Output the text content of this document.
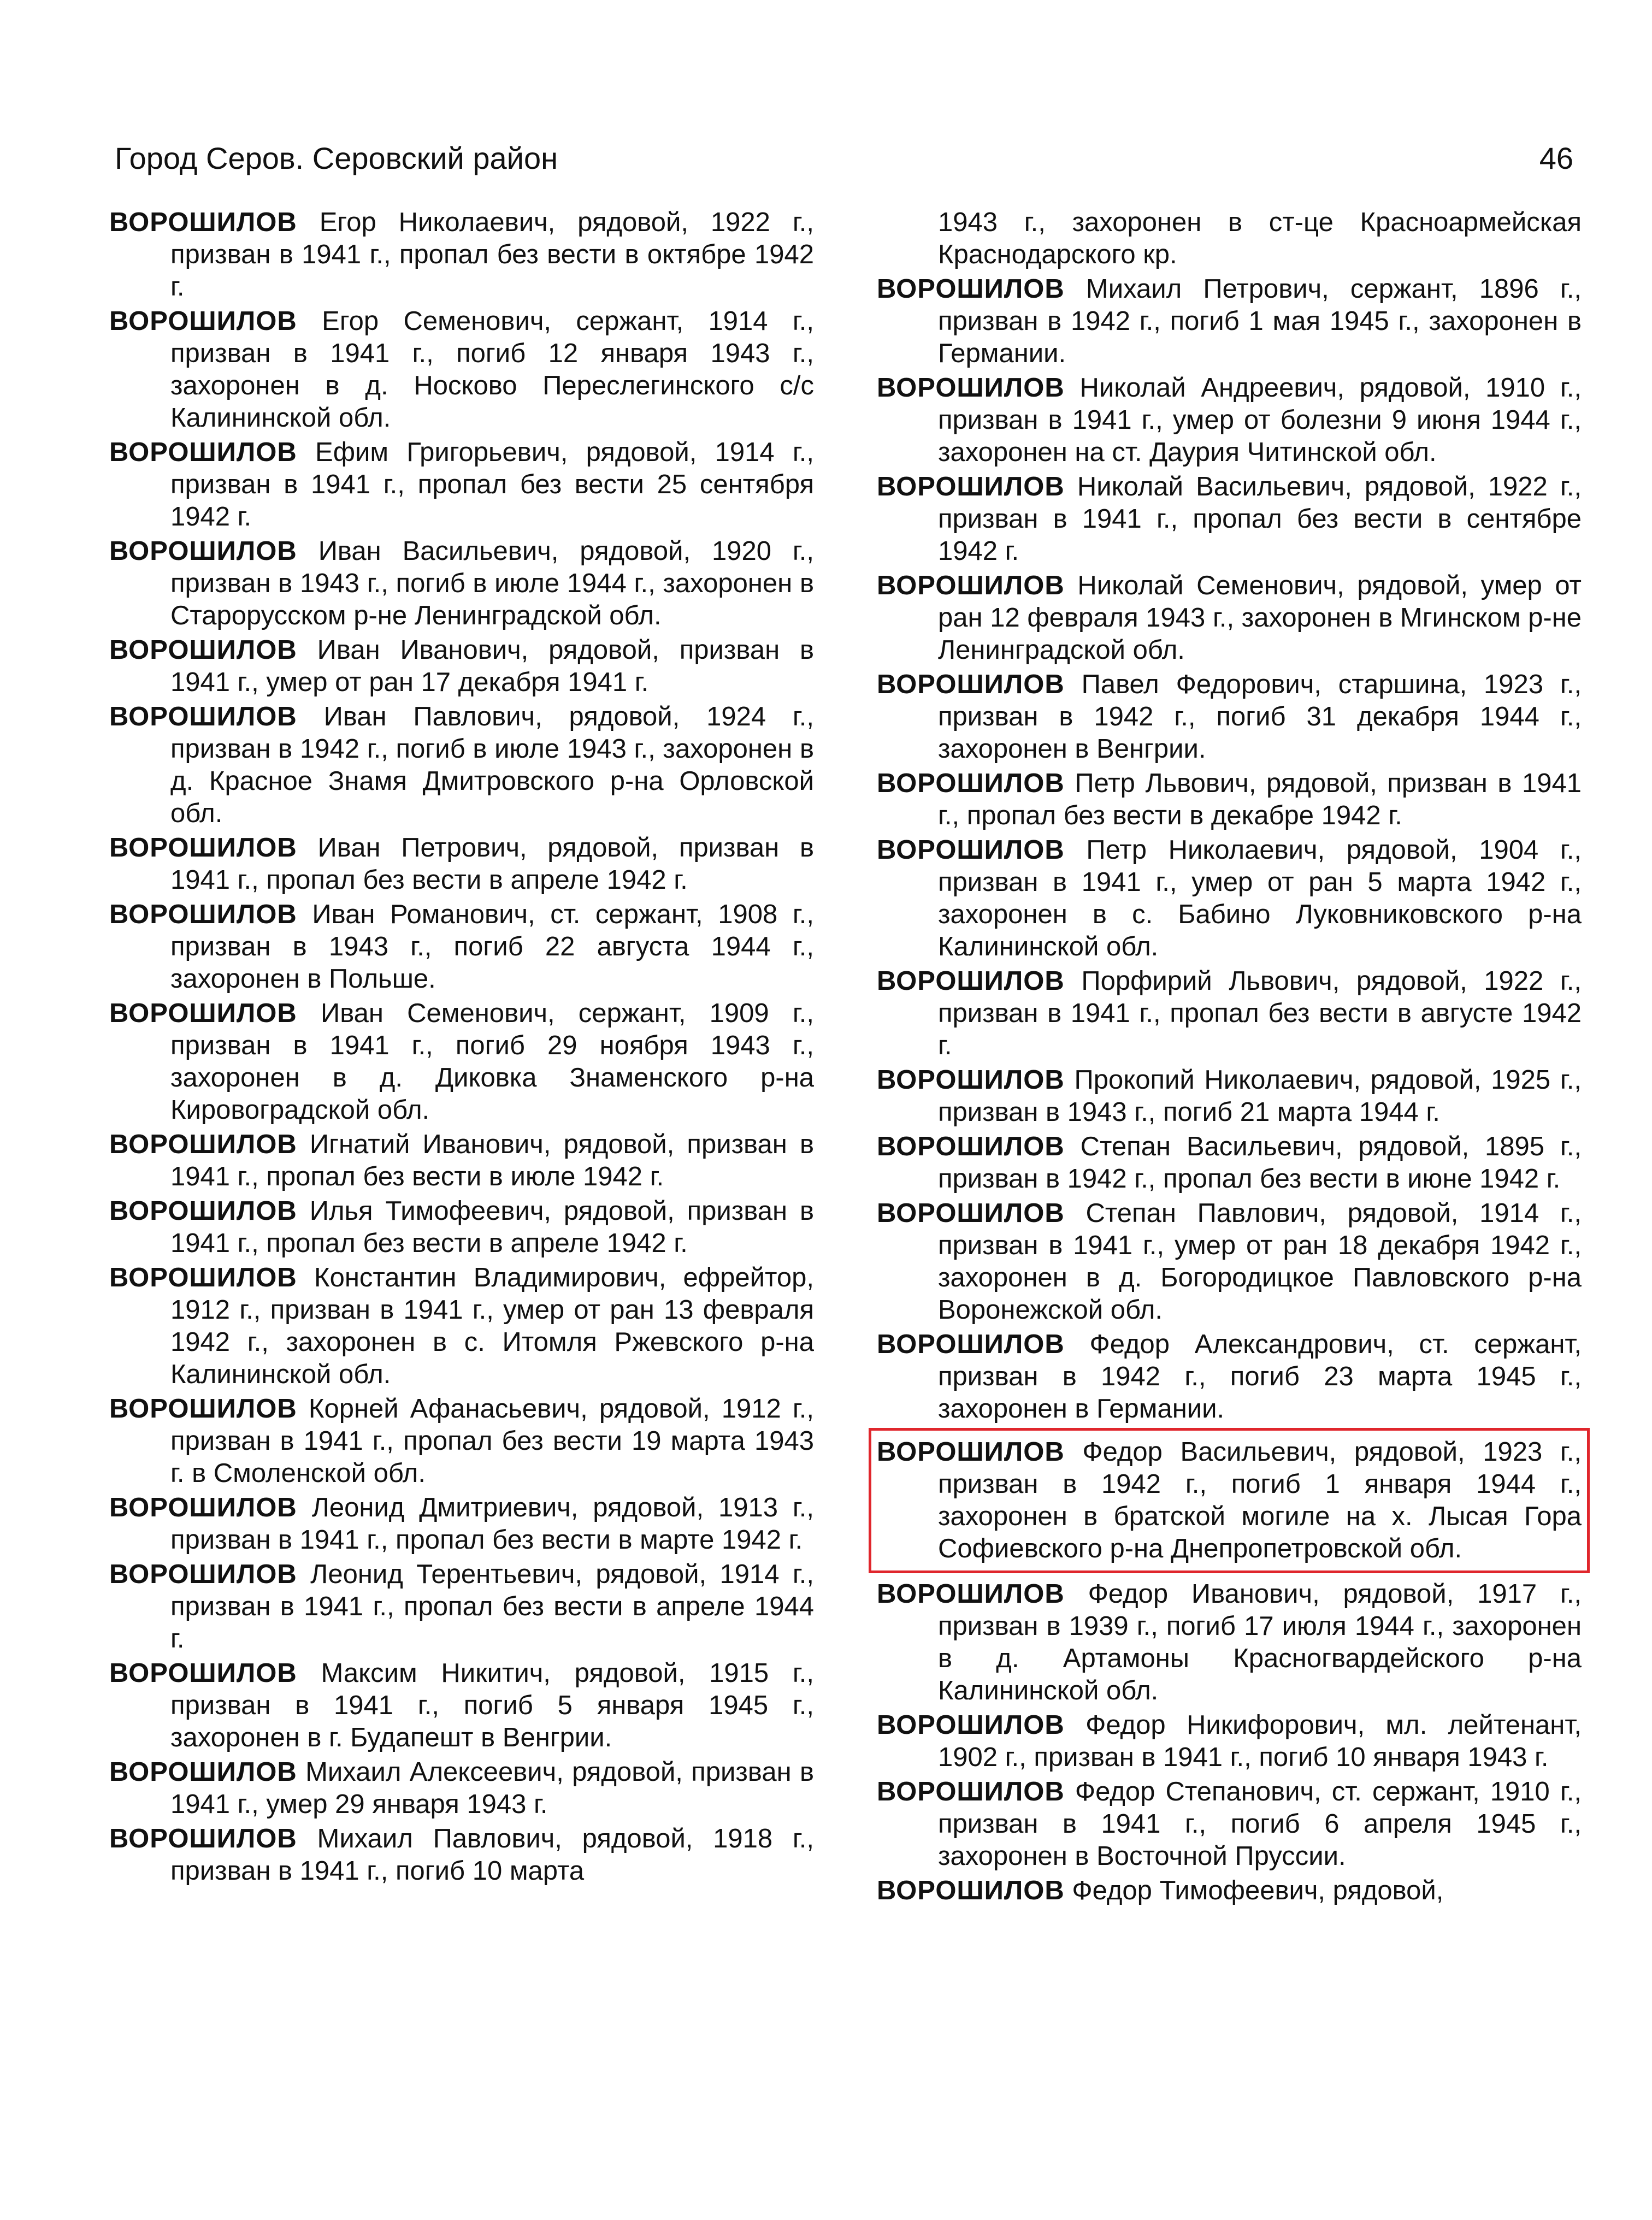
Город Серов. Серовский район	46
ВОРОШИЛОВ Егор Николаевич, рядовой, 1922 г., призван в 1941 г., пропал без вести в октябре 1942 г.
ВОРОШИЛОВ Егор Семенович, сержант, 1914 г., призван в 1941 г., погиб 12 января 1943 г., захоронен в д. Носково Переслегинского с/с Калининской обл.
ВОРОШИЛОВ Ефим Григорьевич, рядовой, 1914 г., призван в 1941 г., пропал без вести 25 сентября 1942 г.
ВОРОШИЛОВ Иван Васильевич, рядовой, 1920 г., призван в 1943 г., погиб в июле 1944 г., захоронен в Старорусском р-не Ленинградской обл.
ВОРОШИЛОВ Иван Иванович, рядовой, призван в 1941 г., умер от ран 17 декабря 1941 г.
ВОРОШИЛОВ Иван Павлович, рядовой, 1924 г., призван в 1942 г., погиб в июле 1943 г., захоронен в д. Красное Знамя Дмитровского р-на Орловской обл.
ВОРОШИЛОВ Иван Петрович, рядовой, призван в 1941 г., пропал без вести в апреле 1942 г.
ВОРОШИЛОВ Иван Романович, ст. сержант, 1908 г., призван в 1943 г., погиб 22 августа 1944 г., захоронен в Польше.
ВОРОШИЛОВ Иван Семенович, сержант, 1909 г., призван в 1941 г., погиб 29 ноября 1943 г., захоронен в д. Диковка Знаменского р-на Кировоградской обл.
ВОРОШИЛОВ Игнатий Иванович, рядовой, призван в 1941 г., пропал без вести в июле 1942 г.
ВОРОШИЛОВ Илья Тимофеевич, рядовой, призван в 1941 г., пропал без вести в апреле 1942 г.
ВОРОШИЛОВ Константин Владимирович, ефрейтор, 1912 г., призван в 1941 г., умер от ран 13 февраля 1942 г., захоронен в с. Итомля Ржевского р-на Калининской обл.
ВОРОШИЛОВ Корней Афанасьевич, рядовой, 1912 г., призван в 1941 г., пропал без вести 19 марта 1943 г. в Смоленской обл.
ВОРОШИЛОВ Леонид Дмитриевич, рядовой, 1913 г., призван в 1941 г., пропал без вести в марте 1942 г.
ВОРОШИЛОВ Леонид Терентьевич, рядовой, 1914 г., призван в 1941 г., пропал без вести в апреле 1944 г.
ВОРОШИЛОВ Максим Никитич, рядовой, 1915 г., призван в 1941 г., погиб 5 января 1945 г., захоронен в г. Будапешт в Венгрии.
ВОРОШИЛОВ Михаил Алексеевич, рядовой, призван в 1941 г., умер 29 января 1943 г.
ВОРОШИЛОВ Михаил Павлович, рядовой, 1918 г., призван в 1941 г., погиб 10 марта
1943 г., захоронен в ст-це Красноармейская Краснодарского кр.
ВОРОШИЛОВ Михаил Петрович, сержант, 1896 г., призван в 1942 г., погиб 1 мая 1945 г., захоронен в Германии.
ВОРОШИЛОВ Николай Андреевич, рядовой, 1910 г., призван в 1941 г., умер от болезни 9 июня 1944 г., захоронен на ст. Даурия Читинской обл.
ВОРОШИЛОВ Николай Васильевич, рядовой, 1922 г., призван в 1941 г., пропал без вести в сентябре 1942 г.
ВОРОШИЛОВ Николай Семенович, рядовой, умер от ран 12 февраля 1943 г., захоронен в Мгинском р-не Ленинградской обл.
ВОРОШИЛОВ Павел Федорович, старшина, 1923 г., призван в 1942 г., погиб 31 декабря 1944 г., захоронен в Венгрии.
ВОРОШИЛОВ Петр Львович, рядовой, призван в 1941 г., пропал без вести в декабре 1942 г.
ВОРОШИЛОВ Петр Николаевич, рядовой, 1904 г., призван в 1941 г., умер от ран 5 марта 1942 г., захоронен в с. Бабино Луковниковского р-на Калининской обл.
ВОРОШИЛОВ Порфирий Львович, рядовой, 1922 г., призван в 1941 г., пропал без вести в августе 1942 г.
ВОРОШИЛОВ Прокопий Николаевич, рядовой, 1925 г., призван в 1943 г., погиб 21 марта 1944 г.
ВОРОШИЛОВ Степан Васильевич, рядовой, 1895 г., призван в 1942 г., пропал без вести в июне 1942 г.
ВОРОШИЛОВ Степан Павлович, рядовой, 1914 г., призван в 1941 г., умер от ран 18 декабря 1942 г., захоронен в д. Богородицкое Павловского р-на Воронежской обл.
ВОРОШИЛОВ Федор Александрович, ст. сержант, призван в 1942 г., погиб 23 марта 1945 г., захоронен в Германии.
ВОРОШИЛОВ Федор Васильевич, рядовой, 1923 г., призван в 1942 г., погиб 1 января 1944 г., захоронен в братской могиле на х. Лысая Гора Софиевского р-на Днепропетровской обл.
ВОРОШИЛОВ Федор Иванович, рядовой, 1917 г., призван в 1939 г., погиб 17 июля 1944 г., захоронен в д. Артамоны Красногвардейского р-на Калининской обл.
ВОРОШИЛОВ Федор Никифорович, мл. лейтенант, 1902 г., призван в 1941 г., погиб 10 января 1943 г.
ВОРОШИЛОВ Федор Степанович, ст. сержант, 1910 г., призван в 1941 г., погиб 6 апреля 1945 г., захоронен в Восточной Пруссии.
ВОРОШИЛОВ Федор Тимофеевич, рядовой,
